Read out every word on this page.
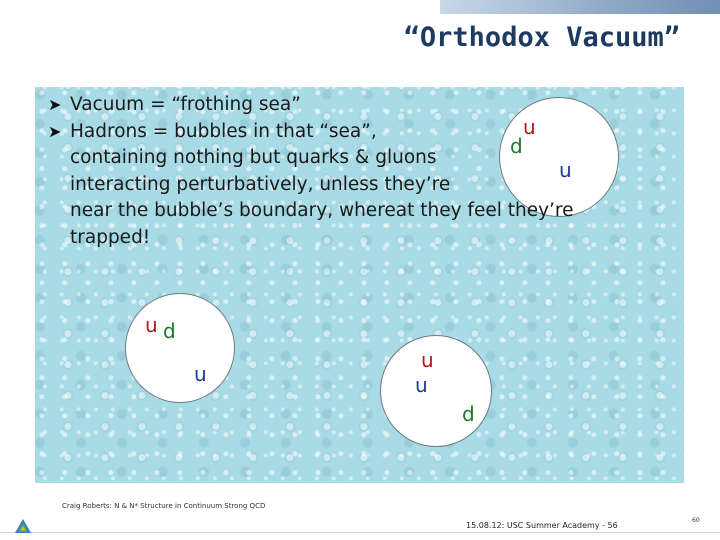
“Orthodox Vacuum”
➤ Vacuum = “frothing sea”
➤ Hadrons = bubbles in that “sea”,
containing nothing but quarks & gluons
interacting perturbatively, unless they’re
near the bubble’s boundary, whereat they feel they’re
trapped!
u
d
u
u d
u
u
u
d
Craig Roberts: N & N* Structure in Continuum Strong QCD
15.08.12: USC Summer Academy - 56
60
